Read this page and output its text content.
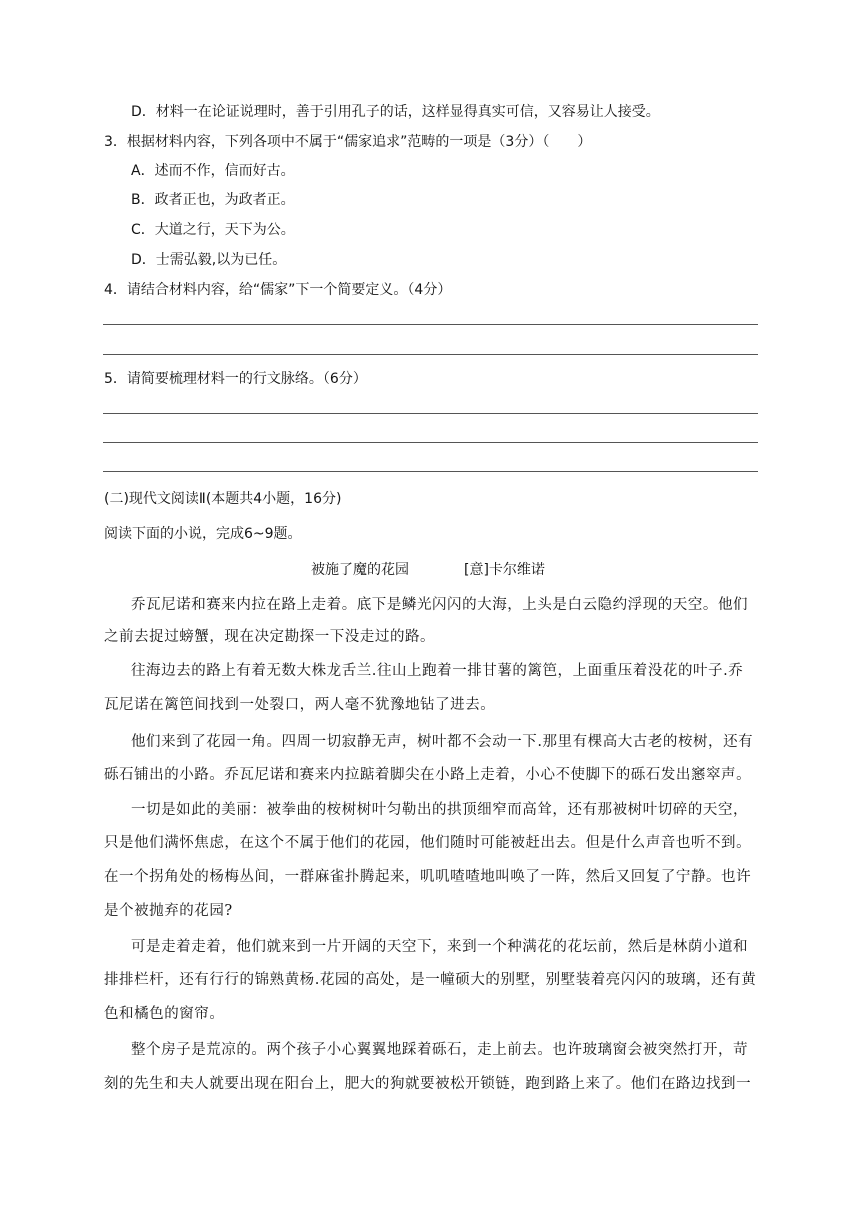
D．材料一在论证说理时，善于引用孔子的话，这样显得真实可信，又容易让人接受。
3．根据材料内容，下列各项中不属于“儒家追求”范畴的一项是（3分）（　　）
A．述而不作，信而好古。
B．政者正也，为政者正。
C．大道之行，天下为公。
D．士需弘毅,以为已任。
4．请结合材料内容，给“儒家”下一个简要定义。（4分）
5．请简要梳理材料一的行文脉络。（6分）
(二)现代文阅读Ⅱ(本题共4小题，16分)
阅读下面的小说，完成6~9题。
被施了魔的花园	[意]卡尔维诺
乔瓦尼诺和赛来内拉在路上走着。底下是鳞光闪闪的大海，上头是白云隐约浮现的天空。他们
之前去捉过螃蟹，现在决定勘探一下没走过的路。
往海边去的路上有着无数大株龙舌兰.往山上跑着一排甘薯的篱笆，上面重压着没花的叶子.乔
瓦尼诺在篱笆间找到一处裂口，两人毫不犹豫地钻了进去。
他们来到了花园一角。四周一切寂静无声，树叶都不会动一下.那里有棵高大古老的桉树，还有
砾石铺出的小路。乔瓦尼诺和赛来内拉踮着脚尖在小路上走着，小心不使脚下的砾石发出窸窣声。
一切是如此的美丽：被拳曲的桉树树叶匀勒出的拱顶细窄而高耸，还有那被树叶切碎的天空，
只是他们满怀焦虑，在这个不属于他们的花园，他们随时可能被赶出去。但是什么声音也听不到。
在一个拐角处的杨梅丛间，一群麻雀扑腾起来，叽叽喳喳地叫唤了一阵，然后又回复了宁静。也许
是个被抛弃的花园?
可是走着走着，他们就来到一片开阔的天空下，来到一个种满花的花坛前，然后是林荫小道和
排排栏杆，还有行行的锦熟黄杨.花园的高处，是一幢硕大的别墅，别墅装着亮闪闪的玻璃，还有黄
色和橘色的窗帘。
整个房子是荒凉的。两个孩子小心翼翼地踩着砾石，走上前去。也许玻璃窗会被突然打开，苛
刻的先生和夫人就要出现在阳台上，肥大的狗就要被松开锁链，跑到路上来了。他们在路边找到一
